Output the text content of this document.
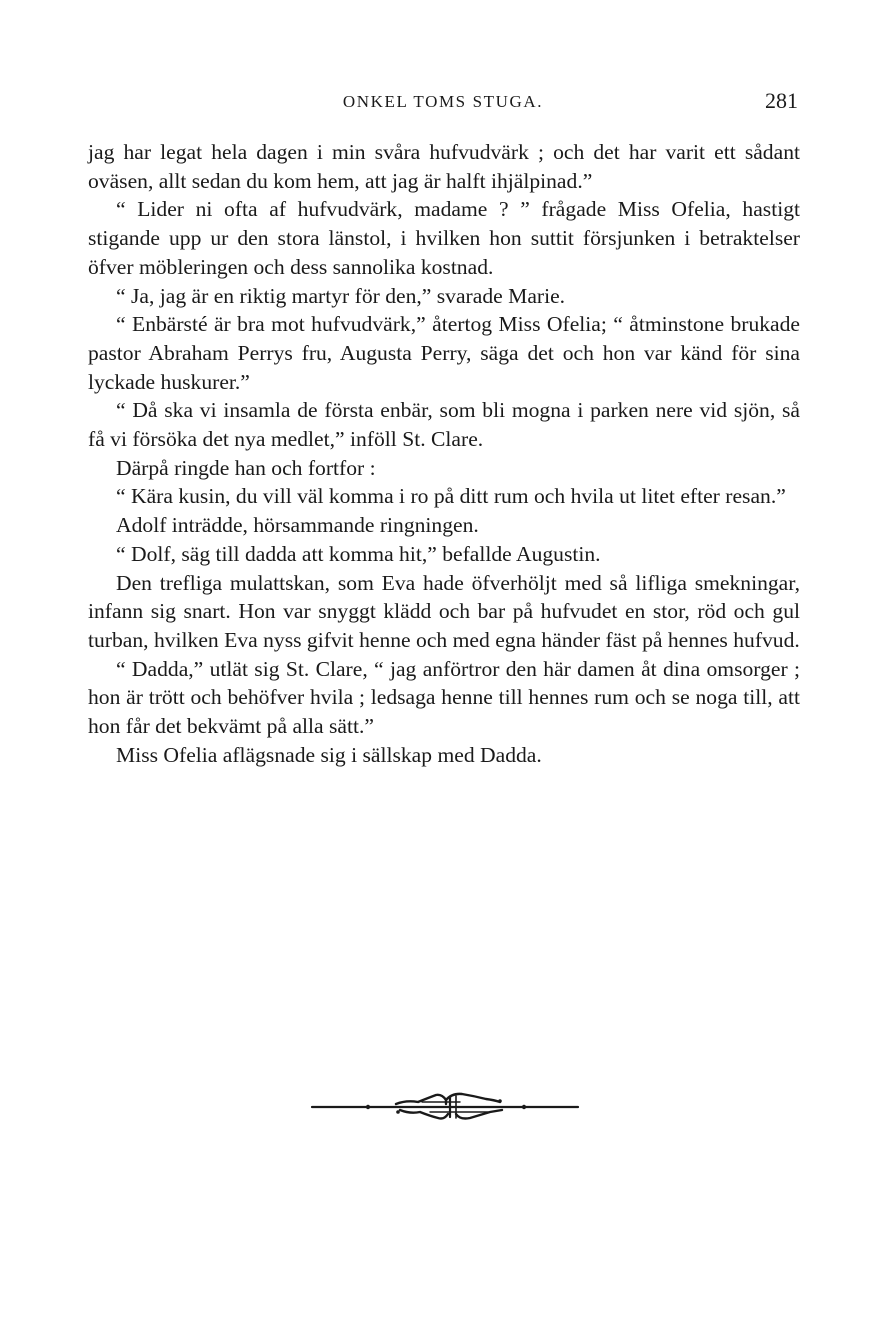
ONKEL TOMS STUGA.	281

jag har legat hela dagen i min svåra hufvudvärk ; och det har varit ett sådant oväsen, allt sedan du kom hem, att jag är halft ihjälpinad.”

“ Lider ni ofta af hufvudvärk, madame ? ” frågade Miss Ofelia, hastigt stigande upp ur den stora länstol, i hvilken hon suttit försjunken i betraktelser öfver möbleringen och dess sannolika kostnad.

“ Ja, jag är en riktig martyr för den,” svarade Marie.

“ Enbärsté är bra mot hufvudvärk,” återtog Miss Ofelia; “ åtminstone brukade pastor Abraham Perrys fru, Augusta Perry, säga det och hon var känd för sina lyckade huskurer.”

“ Då ska vi insamla de första enbär, som bli mogna i parken nere vid sjön, så få vi försöka det nya medlet,” inföll St. Clare.

Därpå ringde han och fortfor :

“ Kära kusin, du vill väl komma i ro på ditt rum och hvila ut litet efter resan.”

Adolf inträdde, hörsammande ringningen.

“ Dolf, säg till dadda att komma hit,” befallde Augustin.

Den trefliga mulattskan, som Eva hade öfverhöljt med så lifliga smekningar, infann sig snart. Hon var snyggt klädd och bar på hufvudet en stor, röd och gul turban, hvilken Eva nyss gifvit henne och med egna händer fäst på hennes hufvud.

“ Dadda,” utlät sig St. Clare, “ jag anförtror den här damen åt dina omsorger ; hon är trött och behöfver hvila ; ledsaga henne till hennes rum och se noga till, att hon får det bekvämt på alla sätt.”

Miss Ofelia aflägsnade sig i sällskap med Dadda.
